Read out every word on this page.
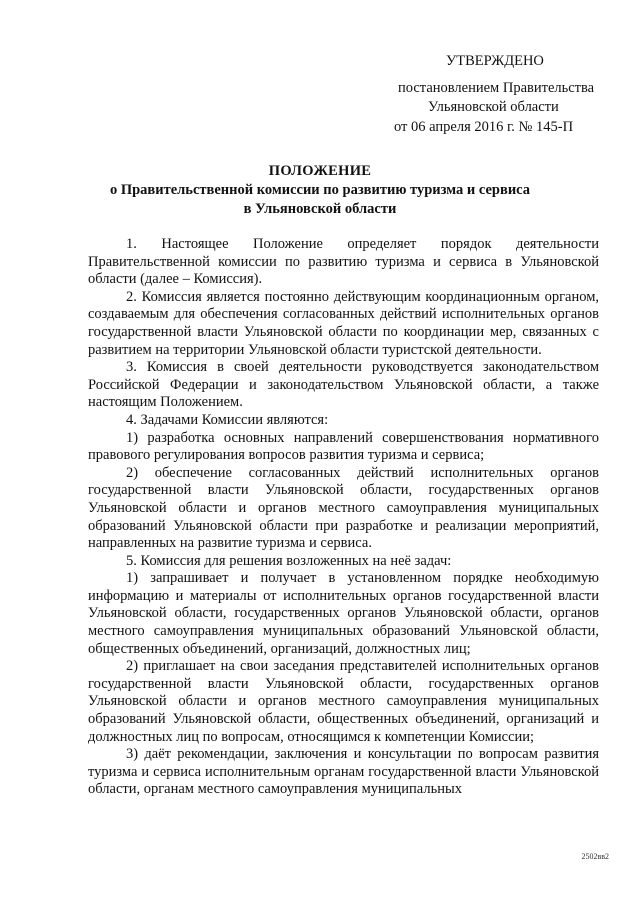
УТВЕРЖДЕНО
постановлением Правительства
Ульяновской области
от 06 апреля 2016 г. № 145-П
ПОЛОЖЕНИЕ
о Правительственной комиссии по развитию туризма и сервиса
в Ульяновской области

1. Настоящее Положение определяет порядок деятельности Правительственной комиссии по развитию туризма и сервиса в Ульяновской области (далее – Комиссия).

2. Комиссия является постоянно действующим координационным органом, создаваемым для обеспечения согласованных действий исполнительных органов государственной власти Ульяновской области по координации мер, связанных с развитием на территории Ульяновской области туристской деятельности.

3. Комиссия в своей деятельности руководствуется законодательством Российской Федерации и законодательством Ульяновской области, а также настоящим Положением.

4. Задачами Комиссии являются:

1) разработка основных направлений совершенствования нормативного правового регулирования вопросов развития туризма и сервиса;

2) обеспечение согласованных действий исполнительных органов государственной власти Ульяновской области, государственных органов Ульяновской области и органов местного самоуправления муниципальных образований Ульяновской области при разработке и реализации мероприятий, направленных на развитие туризма и сервиса.

5. Комиссия для решения возложенных на неё задач:

1) запрашивает и получает в установленном порядке необходимую информацию и материалы от исполнительных органов государственной власти Ульяновской области, государственных органов Ульяновской области, органов местного самоуправления муниципальных образований Ульяновской области, общественных объединений, организаций, должностных лиц;

2) приглашает на свои заседания представителей исполнительных органов государственной власти Ульяновской области, государственных органов Ульяновской области и органов местного самоуправления муниципальных образований Ульяновской области, общественных объединений, организаций и должностных лиц по вопросам, относящимся к компетенции Комиссии;

3) даёт рекомендации, заключения и консультации по вопросам развития туризма и сервиса исполнительным органам государственной власти Ульяновской области, органам местного самоуправления муниципальных

2502вв2
